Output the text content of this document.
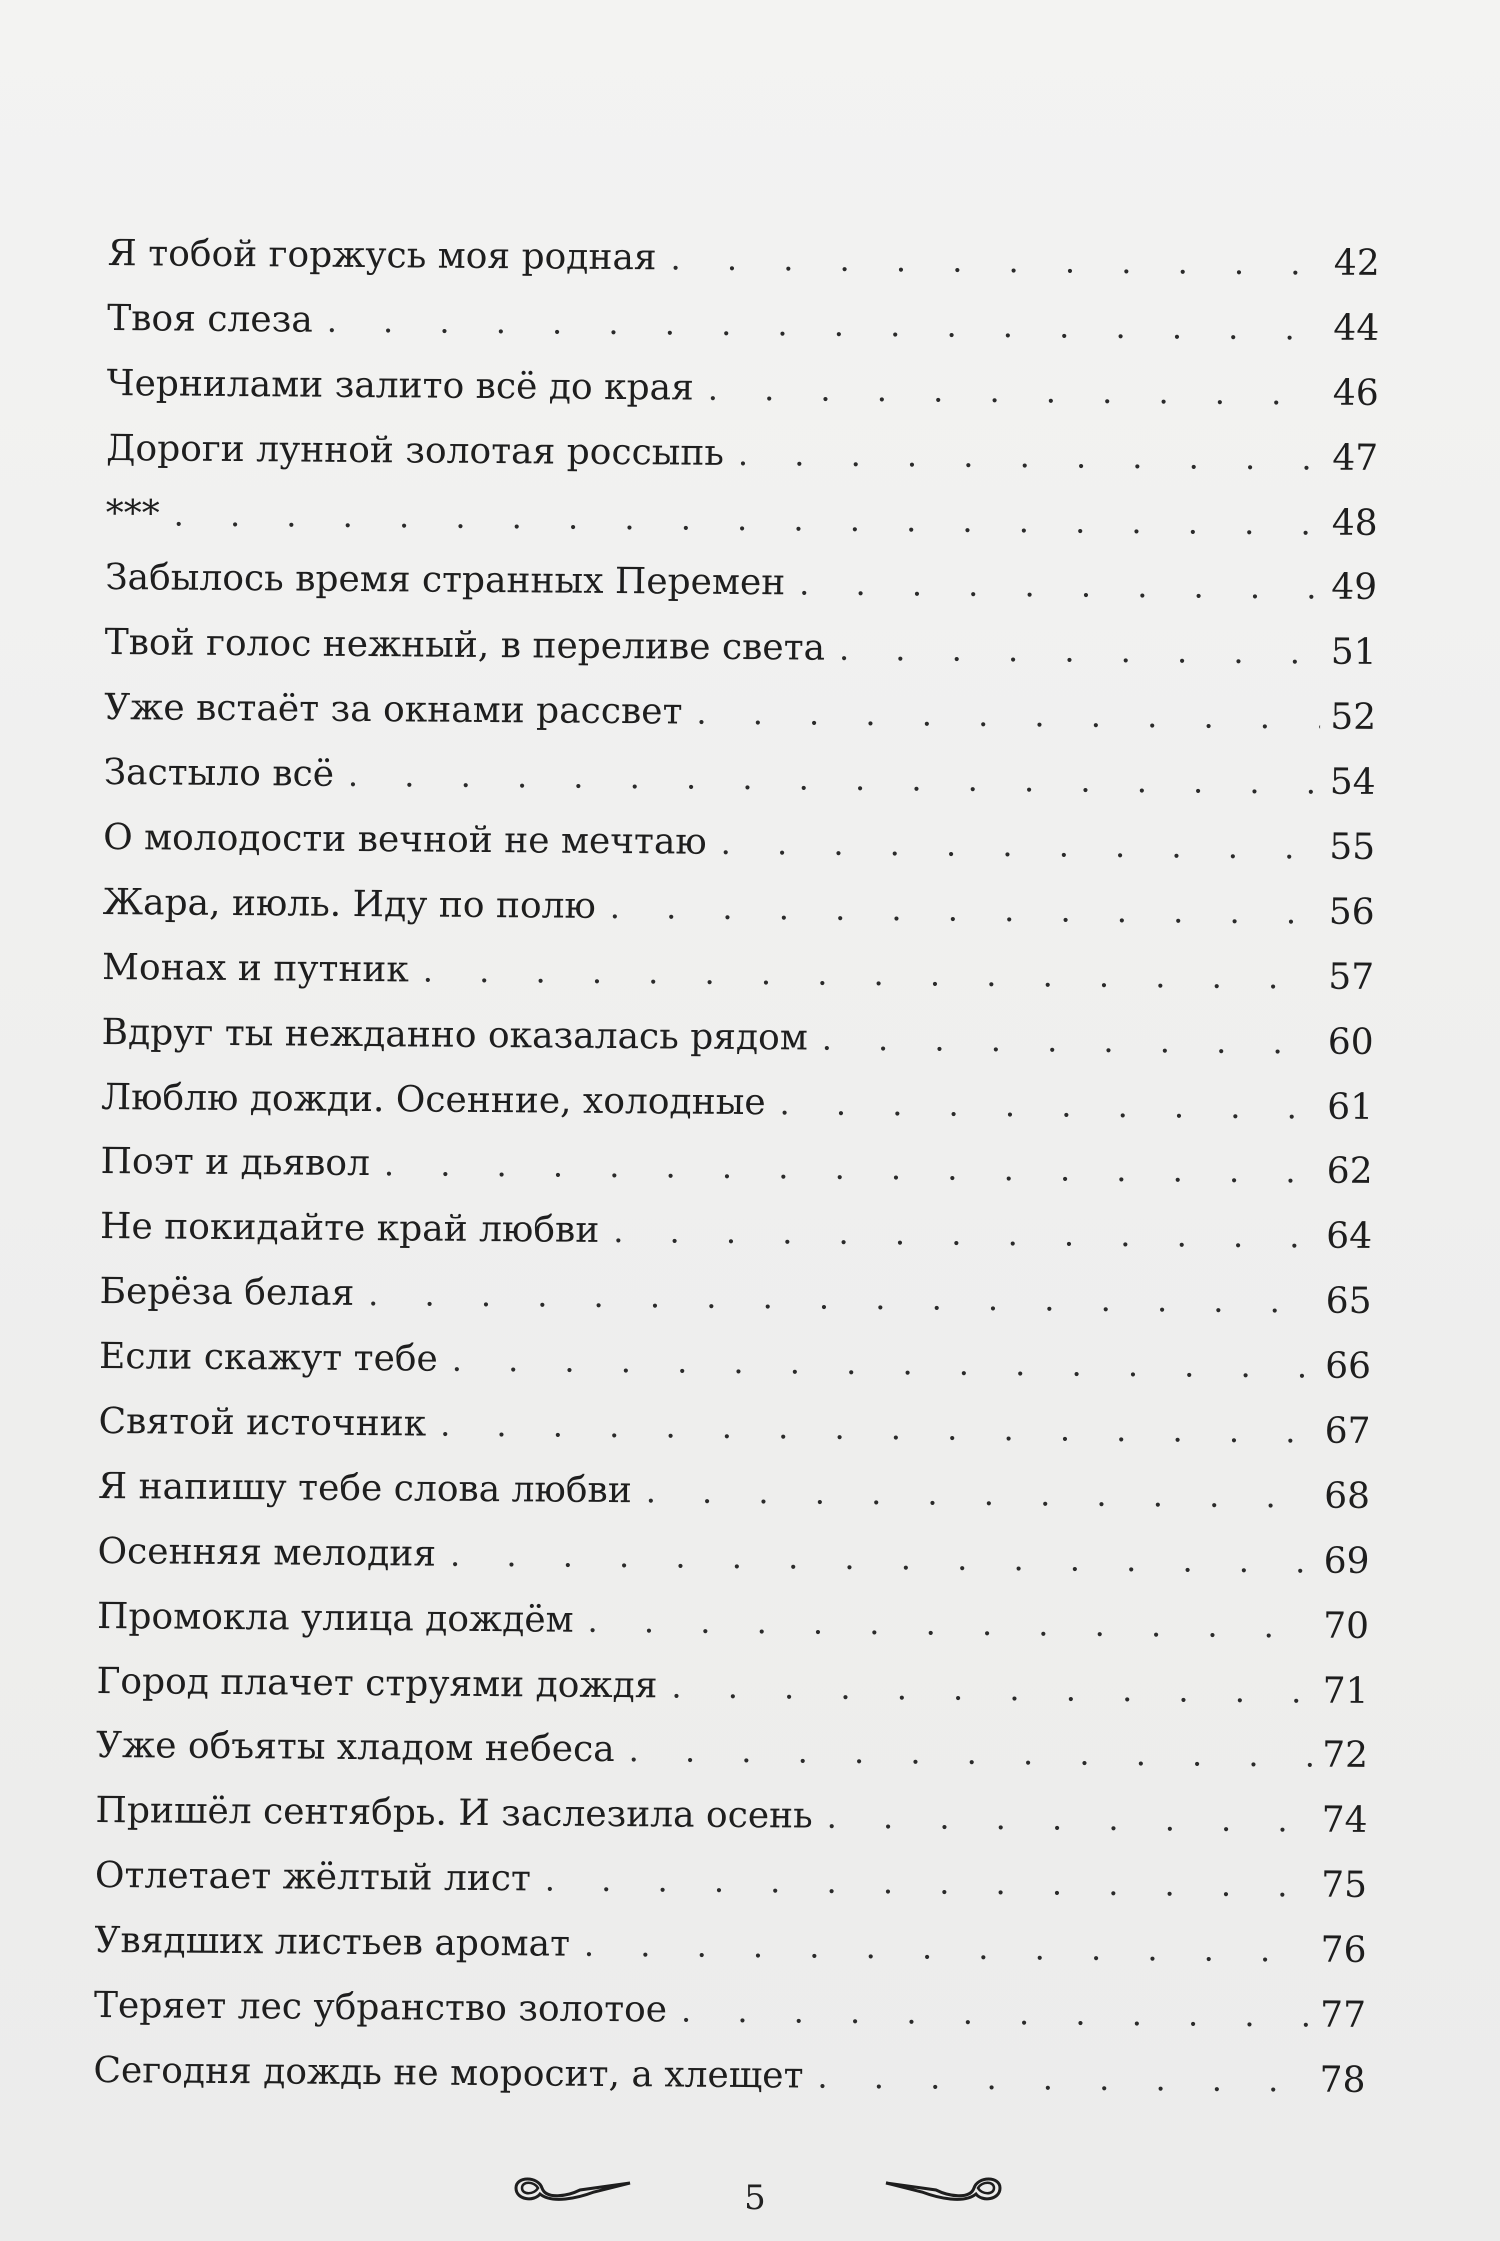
Я тобой горжусь моя родная . . .	42
Твоя слеза . . .	44
Чернилами залито всё до края . . .	46
Дороги лунной золотая россыпь . . .	47
*** . . .	48
Забылось время странных Перемен . . .	49
Твой голос нежный, в переливе света . . .	51
Уже встаёт за окнами рассвет . . .	52
Застыло всё . . .	54
О молодости вечной не мечтаю . . .	55
Жара, июль. Иду по полю . . .	56
Монах и путник . . .	57
Вдруг ты нежданно оказалась рядом . . .	60
Люблю дожди. Осенние, холодные . . .	61
Поэт и дьявол . . .	62
Не покидайте край любви . . .	64
Берёза белая . . .	65
Если скажут тебе . . .	66
Святой источник . . .	67
Я напишу тебе слова любви . . .	68
Осенняя мелодия . . .	69
Промокла улица дождём . . .	70
Город плачет струями дождя . . .	71
Уже объяты хладом небеса . . .	72
Пришёл сентябрь. И заслезила осень . . .	74
Отлетает жёлтый лист . . .	75
Увядших листьев аромат . . .	76
Теряет лес убранство золотое . . .	77
Сегодня дождь не моросит, а хлещет . . .	78
5
